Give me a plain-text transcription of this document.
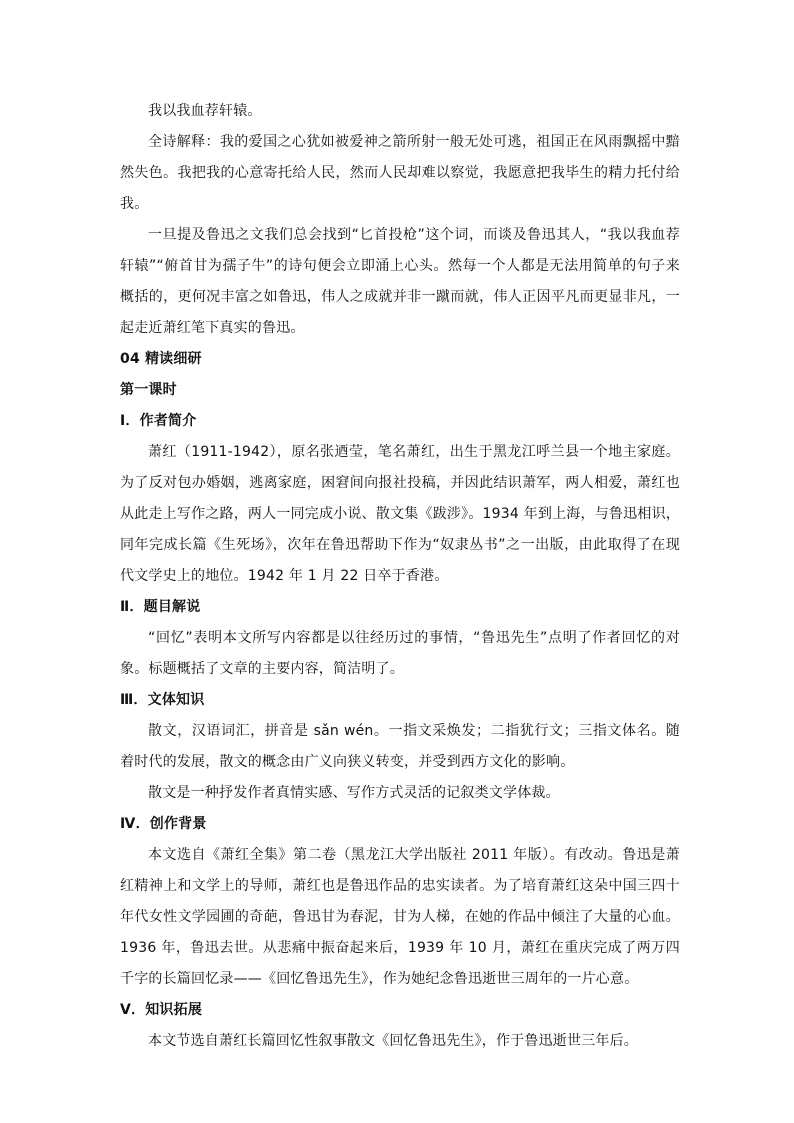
我以我血荐轩辕。

全诗解释：我的爱国之心犹如被爱神之箭所射一般无处可逃，祖国正在风雨飘摇中黯然失色。我把我的心意寄托给人民，然而人民却难以察觉，我愿意把我毕生的精力托付给我。

一旦提及鲁迅之文我们总会找到“匕首投枪”这个词，而谈及鲁迅其人，“我以我血荐轩辕”“俯首甘为孺子牛”的诗句便会立即涌上心头。然每一个人都是无法用简单的句子来概括的，更何况丰富之如鲁迅，伟人之成就并非一蹴而就，伟人正因平凡而更显非凡，一起走近萧红笔下真实的鲁迅。

04 精读细研

第一课时

Ⅰ．作者简介

萧红（1911-1942），原名张迺莹，笔名萧红，出生于黑龙江呼兰县一个地主家庭。为了反对包办婚姻，逃离家庭，困窘间向报社投稿，并因此结识萧军，两人相爱，萧红也从此走上写作之路，两人一同完成小说、散文集《跋涉》。1934 年到上海，与鲁迅相识，同年完成长篇《生死场》，次年在鲁迅帮助下作为“奴隶丛书”之一出版，由此取得了在现代文学史上的地位。1942 年 1 月 22 日卒于香港。

Ⅱ．题目解说

“回忆”表明本文所写内容都是以往经历过的事情，“鲁迅先生”点明了作者回忆的对象。标题概括了文章的主要内容，简洁明了。

Ⅲ．文体知识

散文，汉语词汇，拼音是 sǎn wén。一指文采焕发；二指犹行文；三指文体名。随着时代的发展，散文的概念由广义向狭义转变，并受到西方文化的影响。

散文是一种抒发作者真情实感、写作方式灵活的记叙类文学体裁。

Ⅳ．创作背景

本文选自《萧红全集》第二卷（黑龙江大学出版社 2011 年版）。有改动。鲁迅是萧红精神上和文学上的导师，萧红也是鲁迅作品的忠实读者。为了培育萧红这朵中国三四十年代女性文学园圃的奇葩，鲁迅甘为春泥，甘为人梯，在她的作品中倾注了大量的心血。1936 年，鲁迅去世。从悲痛中振奋起来后，1939 年 10 月，萧红在重庆完成了两万四千字的长篇回忆录——《回忆鲁迅先生》，作为她纪念鲁迅逝世三周年的一片心意。

Ⅴ．知识拓展

本文节选自萧红长篇回忆性叙事散文《回忆鲁迅先生》，作于鲁迅逝世三年后。
